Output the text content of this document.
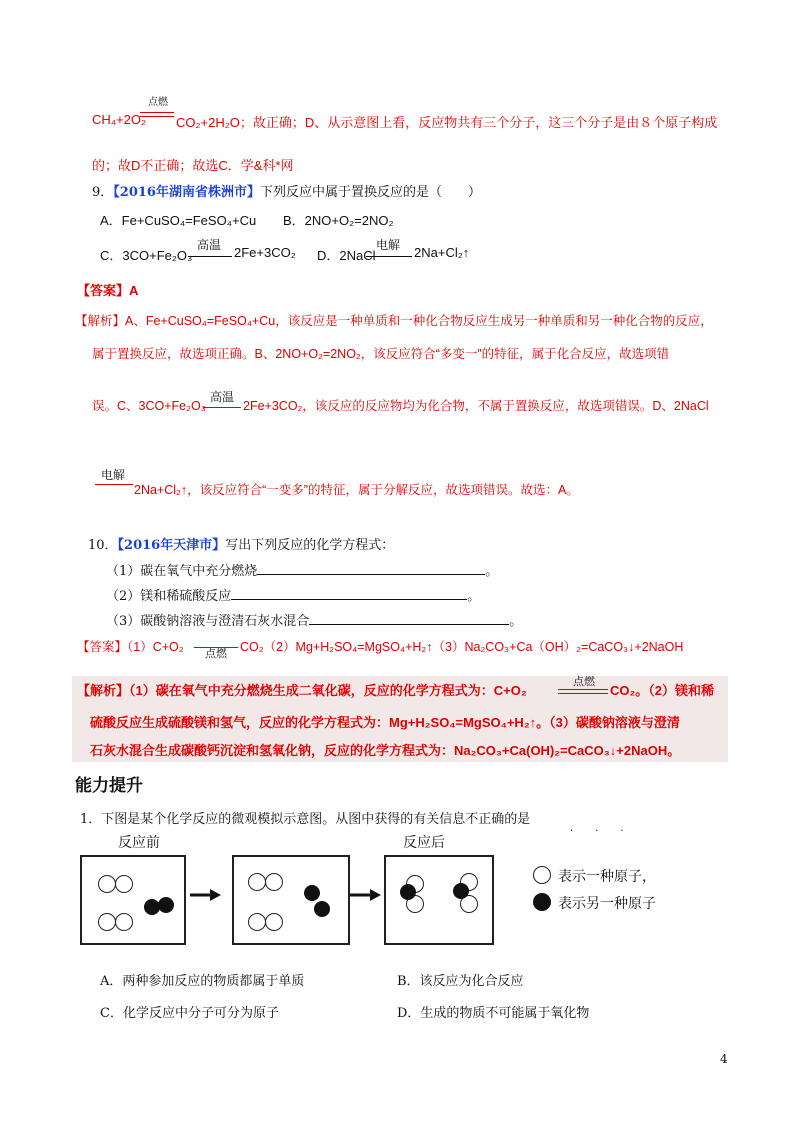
CH₄+2O₂
点燃
CO₂+2H₂O；故正确；D、从示意图上看，反应物共有三个分子，这三个分子是由８个原子构成
的；故D不正确；故选C．学&科*网
9．【2016年湖南省株洲市】下列反应中属于置换反应的是（　　）
A．Fe+CuSO₄=FeSO₄+Cu B．2NO+O₂=2NO₂
C．3CO+Fe₂O₃
高温	2Fe+3CO₂ D．2NaCl
电解	2Na+Cl₂↑
【答案】A
【解析】A、Fe+CuSO₄=FeSO₄+Cu，该反应是一种单质和一种化合物反应生成另一种单质和另一种化合物的反应，
属于置换反应，故选项正确。B、2NO+O₂=2NO₂，该反应符合“多变一”的特征，属于化合反应，故选项错
误。C、3CO+Fe₂O₃
高温
2Fe+3CO₂，该反应的反应物均为化合物，不属于置换反应，故选项错误。D、2NaCl
电解
2Na+Cl₂↑，该反应符合“一变多”的特征，属于分解反应，故选项错误。故选：A。
10．【2016年天津市】写出下列反应的化学方程式：
（1）碳在氧气中充分燃烧	。
（2）镁和稀硫酸反应	。
（3）碳酸钠溶液与澄清石灰水混合	。
【答案】（1）C+O₂	点燃	CO₂（2）Mg+H₂SO₄=MgSO₄+H₂↑（3）Na₂CO₃+Ca（OH）₂=CaCO₃↓+2NaOH
【解析】（1）碳在氧气中充分燃烧生成二氧化碳，反应的化学方程式为：C+O₂
点燃
CO₂。（2）镁和稀
硫酸反应生成硫酸镁和氢气，反应的化学方程式为：Mg+H₂SO₄=MgSO₄+H₂↑。（3）碳酸钠溶液与澄清
石灰水混合生成碳酸钙沉淀和氢氧化钠，反应的化学方程式为：Na₂CO₃+Ca(OH)₂=CaCO₃↓+2NaOH。
能力提升
1．下图是某个化学反应的微观模拟示意图。从图中获得的有关信息不正确的是
· · ·
反应前	反应后
表示一种原子，
表示另一种原子
A．两种参加反应的物质都属于单质	B．该反应为化合反应
C．化学反应中分子可分为原子	D．生成的物质不可能属于氧化物
4
